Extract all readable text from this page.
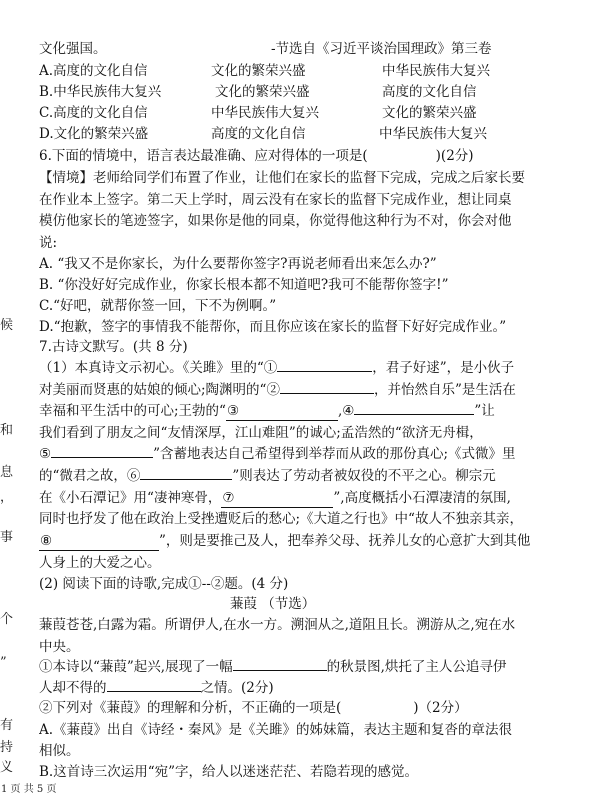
文化强国。	-节选自《习近平谈治国理政》第三卷
A.高度的文化自信	文化的繁荣兴盛	中华民族伟大复兴
B.中华民族伟大复兴	文化的繁荣兴盛	高度的文化自信
C.高度的文化自信	中华民族伟大复兴	文化的繁荣兴盛
D.文化的繁荣兴盛	高度的文化自信	中华民族伟大复兴
6.下面的情境中，语言表达最准确、应对得体的一项是(	)(2分)
【情境】老师给同学们布置了作业，让他们在家长的监督下完成，完成之后家长要
在作业本上签字。第二天上学时，周云没有在家长的监督下完成作业，想让同桌
模仿他家长的笔迹签字，如果你是他的同桌，你觉得他这种行为不对，你会对他
说:
A. “我又不是你家长，为什么要帮你签字?再说老师看出来怎么办?”
B. “你没好好完成作业，你家长根本都不知道吧?我可不能帮你签字!”
C.“好吧，就帮你签一回，下不为例啊。”
D.“抱歉，签字的事情我不能帮你，而且你应该在家长的监督下好好完成作业。”
7.古诗文默写。(共 8 分)
（1）本真诗文示初心。《关雎》里的“①	，君子好逑”，是小伙子
对美丽而贤惠的姑娘的倾心;陶渊明的“②	，并怡然自乐”是生活在
幸福和平生活中的可心;王勃的“③	,④	”让
我们看到了朋友之间“友情深厚，江山难阻”的诚心;孟浩然的“欲济无舟楫，
⑤	”含蓄地表达自己希望得到举荐而从政的那份真心;《式微》里
的“微君之故，⑥	”则表达了劳动者被奴役的不平之心。柳宗元
在《小石潭记》用“凄神寒骨，⑦	”,高度概括小石潭凄清的氛围,
同时也抒发了他在政治上受挫遭贬后的愁心;《大道之行也》中“故人不独亲其亲，
⑧	”，则是要推己及人，把奉养父母、抚养儿女的心意扩大到其他
人身上的大爱之心。
(2) 阅读下面的诗歌,完成①--②题。(4 分)
蒹葭 （节选）
蒹葭苍苍,白露为霜。所谓伊人,在水一方。溯洄从之,道阻且长。溯游从之,宛在水
中央。
①本诗以“蒹葭”起兴,展现了一幅	的秋景图,烘托了主人公追寻伊
人却不得的	之情。(2分)
②下列对《蒹葭》的理解和分析，不正确的一项是(	)（2分）
A.《蒹葭》出自《诗经・秦风》是《关雎》的姊妹篇，表达主题和复沓的章法很
相似。
B.这首诗三次运用“宛”字，给人以迷迷茫茫、若隐若现的感觉。
候
和
息
，
事
个
”
有
持
义
1 页 共 5 页
